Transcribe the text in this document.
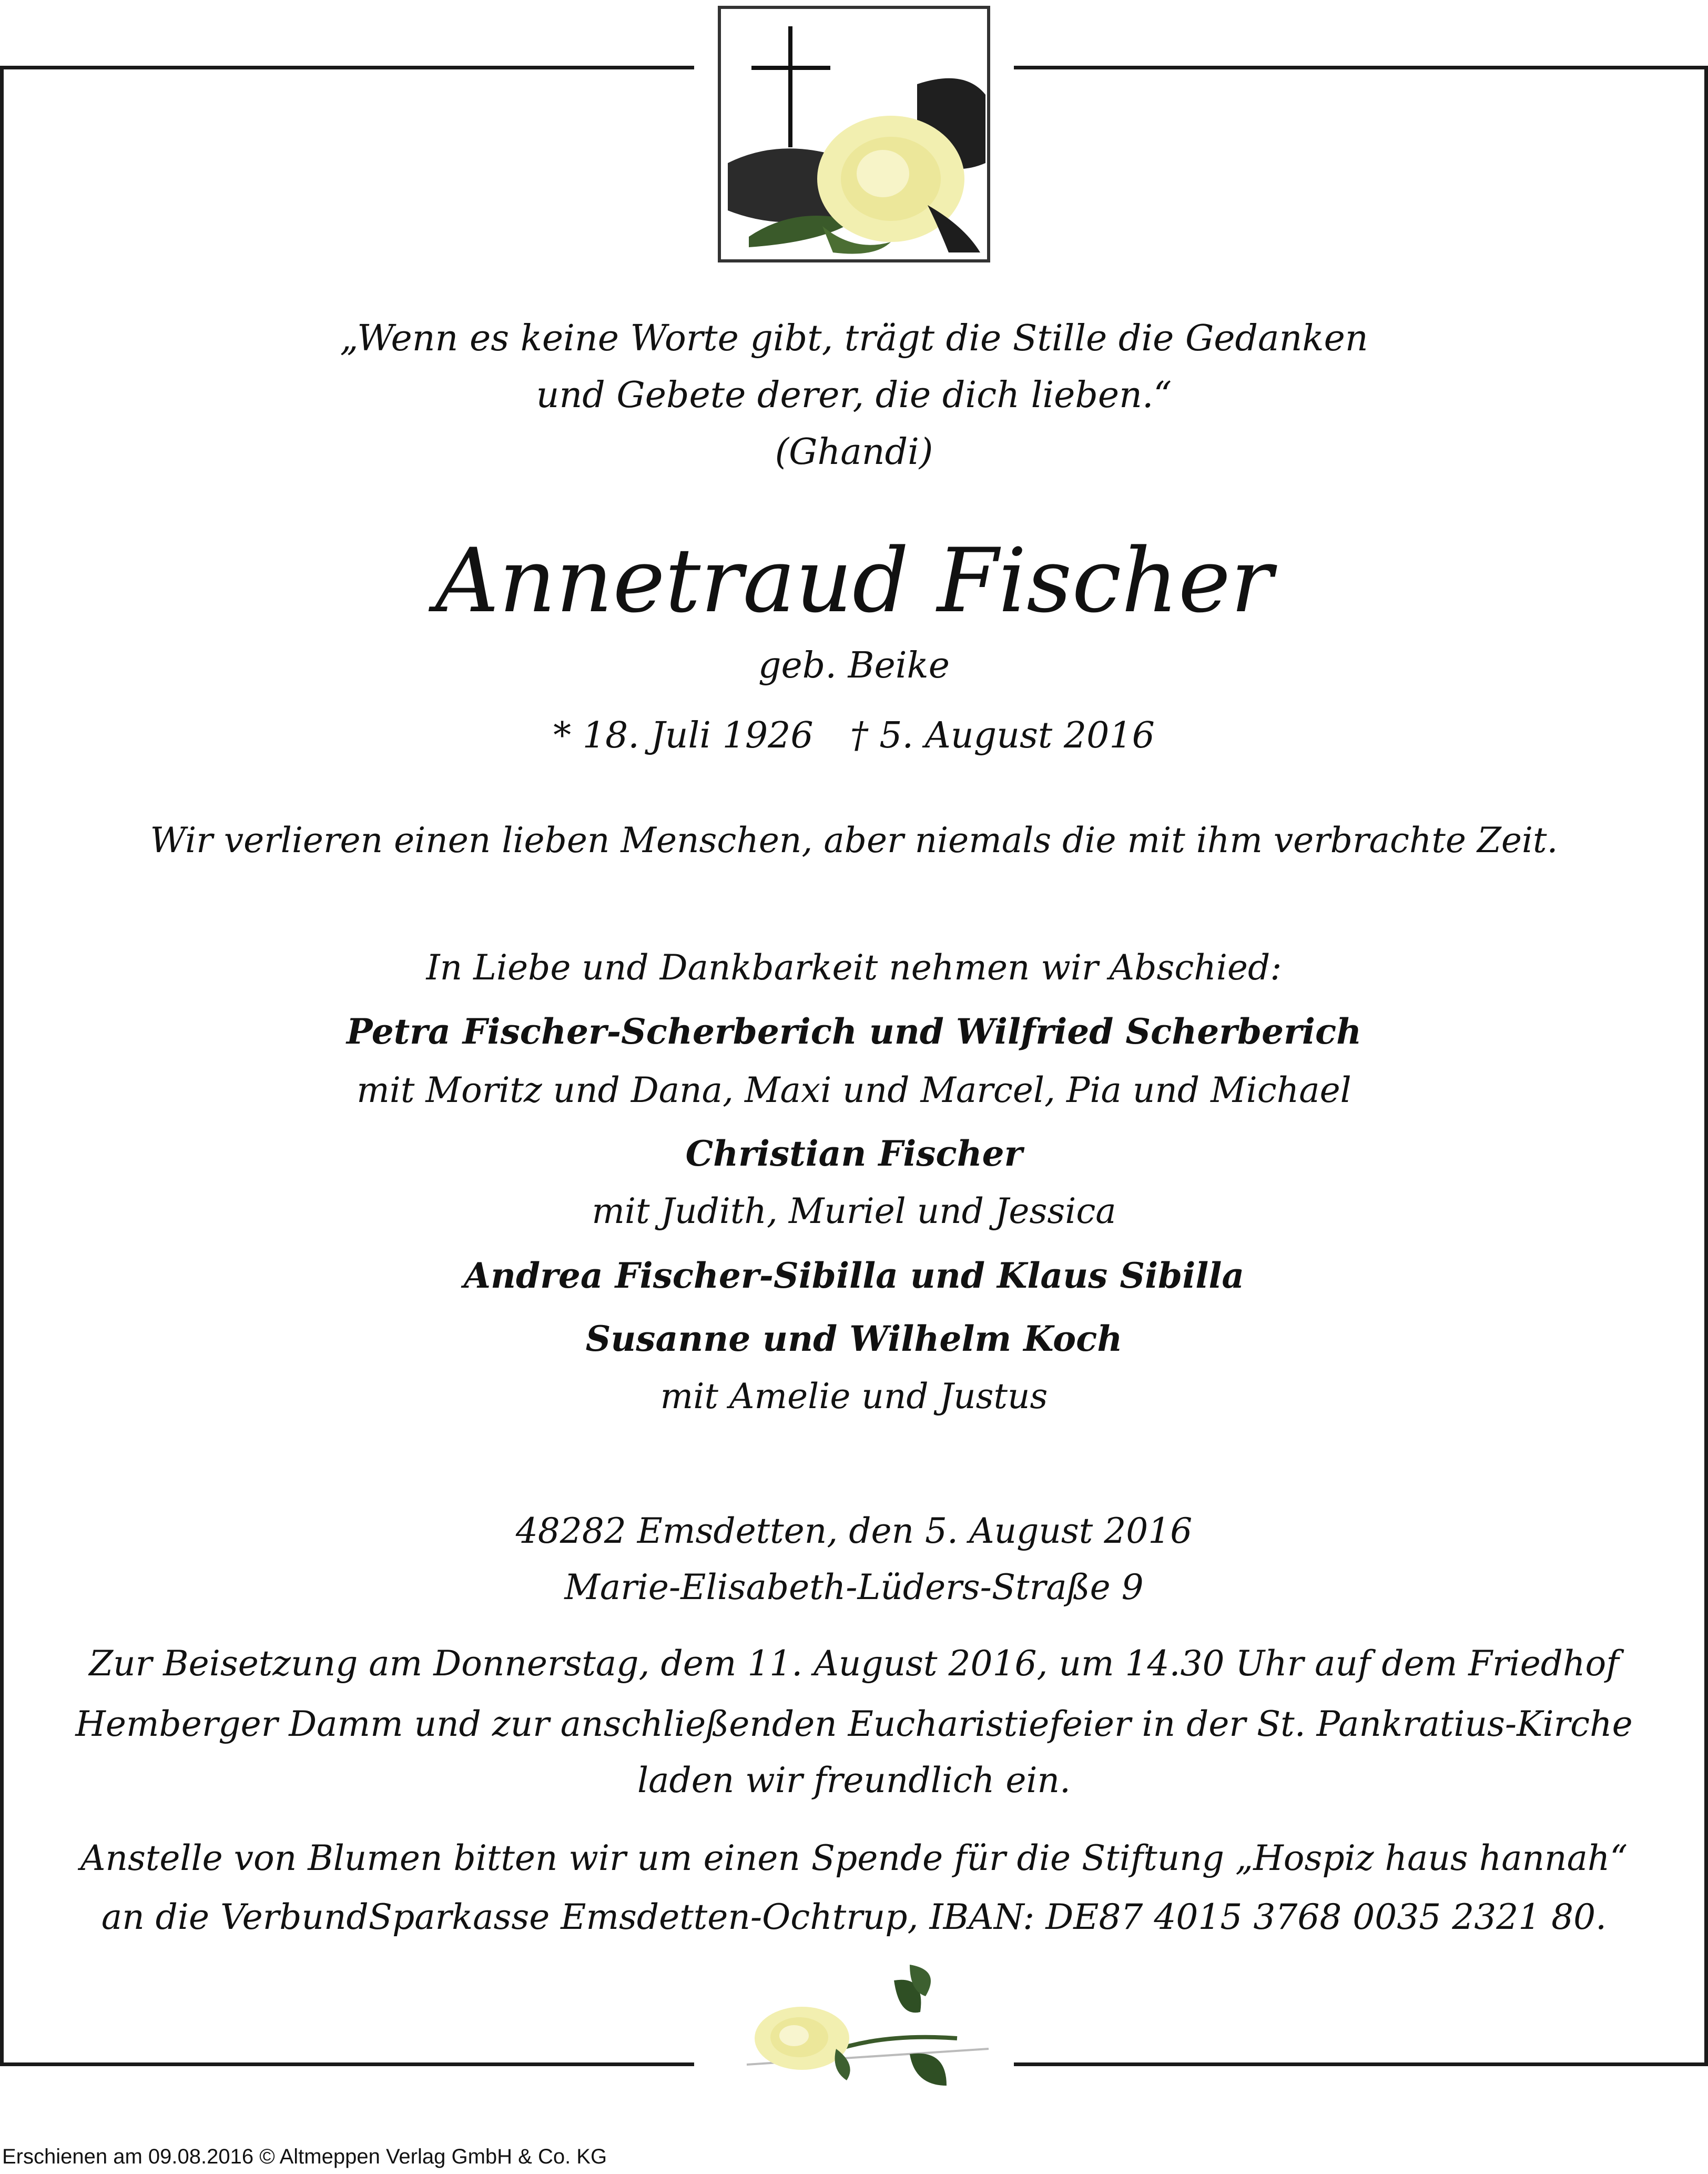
„Wenn es keine Worte gibt, trägt die Stille die Gedanken
und Gebete derer, die dich lieben.“
(Ghandi)
Annetraud Fischer
geb. Beike
* 18. Juli 1926 † 5. August 2016
Wir verlieren einen lieben Menschen, aber niemals die mit ihm verbrachte Zeit.
In Liebe und Dankbarkeit nehmen wir Abschied:
Petra Fischer-Scherberich und Wilfried Scherberich
mit Moritz und Dana, Maxi und Marcel, Pia und Michael
Christian Fischer
mit Judith, Muriel und Jessica
Andrea Fischer-Sibilla und Klaus Sibilla
Susanne und Wilhelm Koch
mit Amelie und Justus
48282 Emsdetten, den 5. August 2016
Marie-Elisabeth-Lüders-Straße 9
Zur Beisetzung am Donnerstag, dem 11. August 2016, um 14.30 Uhr auf dem Friedhof
Hemberger Damm und zur anschließenden Eucharistiefeier in der St. Pankratius-Kirche
laden wir freundlich ein.
Anstelle von Blumen bitten wir um einen Spende für die Stiftung „Hospiz haus hannah“
an die VerbundSparkasse Emsdetten-Ochtrup, IBAN: DE87 4015 3768 0035 2321 80.
Erschienen am 09.08.2016 © Altmeppen Verlag GmbH & Co. KG
